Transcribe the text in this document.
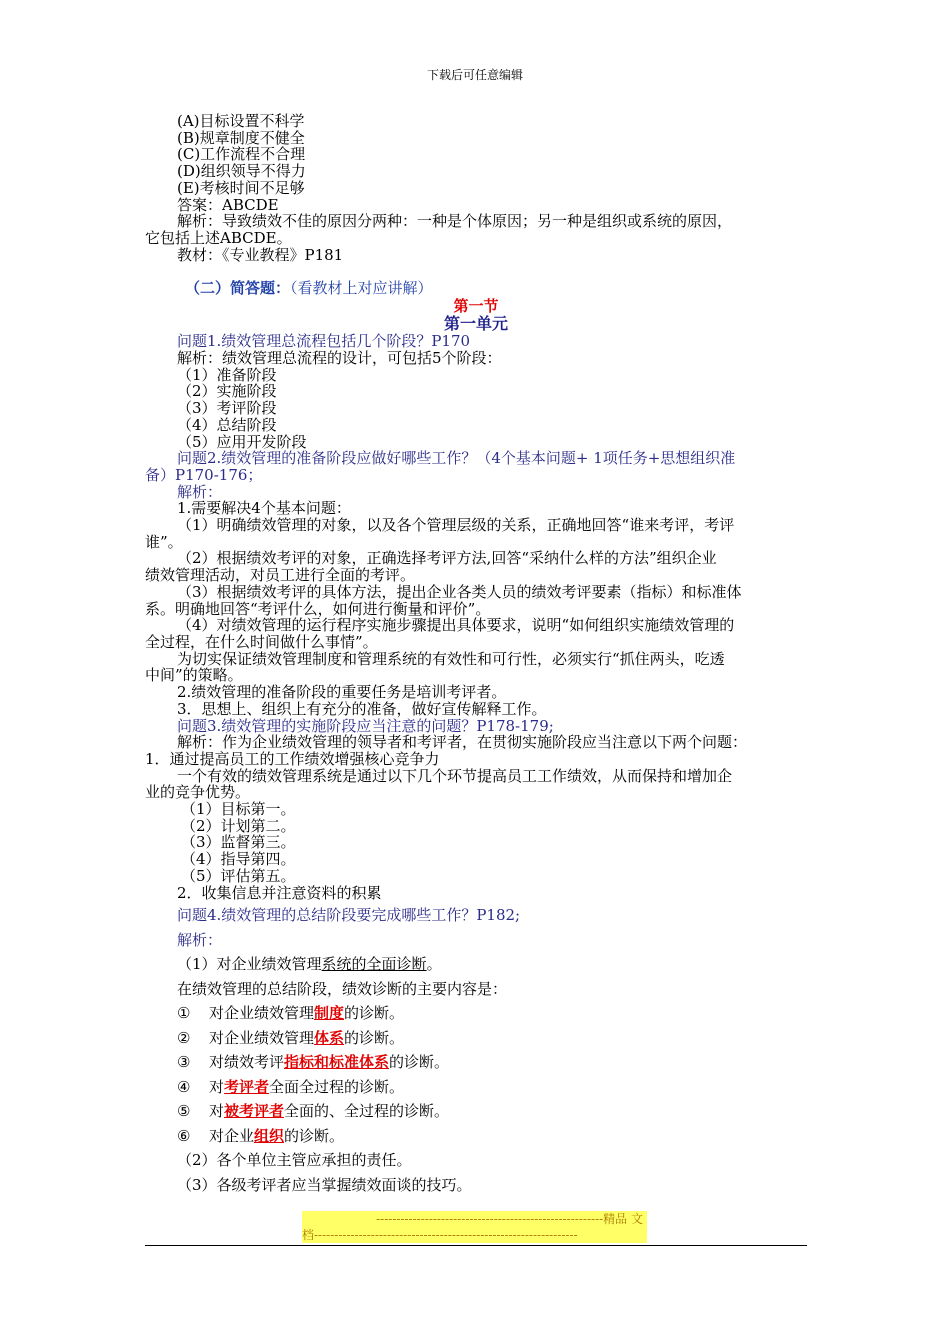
下载后可任意编辑
(A)目标设置不科学
(B)规章制度不健全
(C)工作流程不合理
(D)组织领导不得力
(E)考核时间不足够
答案：ABCDE
解析：导致绩效不佳的原因分两种：一种是个体原因；另一种是组织或系统的原因，
它包括上述ABCDE。
教材：《专业教程》P181
（二）简答题：（看教材上对应讲解）
第一节
第一单元
问题1.绩效管理总流程包括几个阶段？P170
解析：绩效管理总流程的设计，可包括5个阶段：
（1）准备阶段
（2）实施阶段
（3）考评阶段
（4）总结阶段
（5）应用开发阶段
问题2.绩效管理的准备阶段应做好哪些工作？（4个基本问题+ 1项任务+思想组织准
备）P170-176；
解析：
1.需要解决4个基本问题：
（1）明确绩效管理的对象，以及各个管理层级的关系，正确地回答“谁来考评，考评
谁”。
（2）根据绩效考评的对象，正确选择考评方法,回答“采纳什么样的方法”组织企业
绩效管理活动，对员工进行全面的考评。
（3）根据绩效考评的具体方法，提出企业各类人员的绩效考评要素（指标）和标准体
系。明确地回答“考评什么，如何进行衡量和评价”。
（4）对绩效管理的运行程序实施步骤提出具体要求，说明“如何组织实施绩效管理的
全过程，在什么时间做什么事情”。
为切实保证绩效管理制度和管理系统的有效性和可行性，必须实行“抓住两头，吃透
中间”的策略。
2.绩效管理的准备阶段的重要任务是培训考评者。
3．思想上、组织上有充分的准备，做好宣传解释工作。
问题3.绩效管理的实施阶段应当注意的问题？P178-179;
解析：作为企业绩效管理的领导者和考评者，在贯彻实施阶段应当注意以下两个问题：
1．通过提高员工的工作绩效增强核心竞争力
一个有效的绩效管理系统是通过以下几个环节提高员工工作绩效，从而保持和增加企
业的竞争优势。
（1）目标第一。
（2）计划第二。
（3）监督第三。
（4）指导第四。
（5）评估第五。
2．收集信息并注意资料的积累
问题4.绩效管理的总结阶段要完成哪些工作？P182;
解析：
（1）对企业绩效管理系统的全面诊断。
在绩效管理的总结阶段，绩效诊断的主要内容是：
① 对企业绩效管理制度的诊断。
② 对企业绩效管理体系的诊断。
③ 对绩效考评指标和标准体系的诊断。
④ 对考评者全面全过程的诊断。
⑤ 对被考评者全面的、全过程的诊断。
⑥ 对企业组织的诊断。
（2）各个单位主管应承担的责任。
（3）各级考评者应当掌握绩效面谈的技巧。
--------------------------------------------------------精品 文
档-----------------------------------------------------------------
